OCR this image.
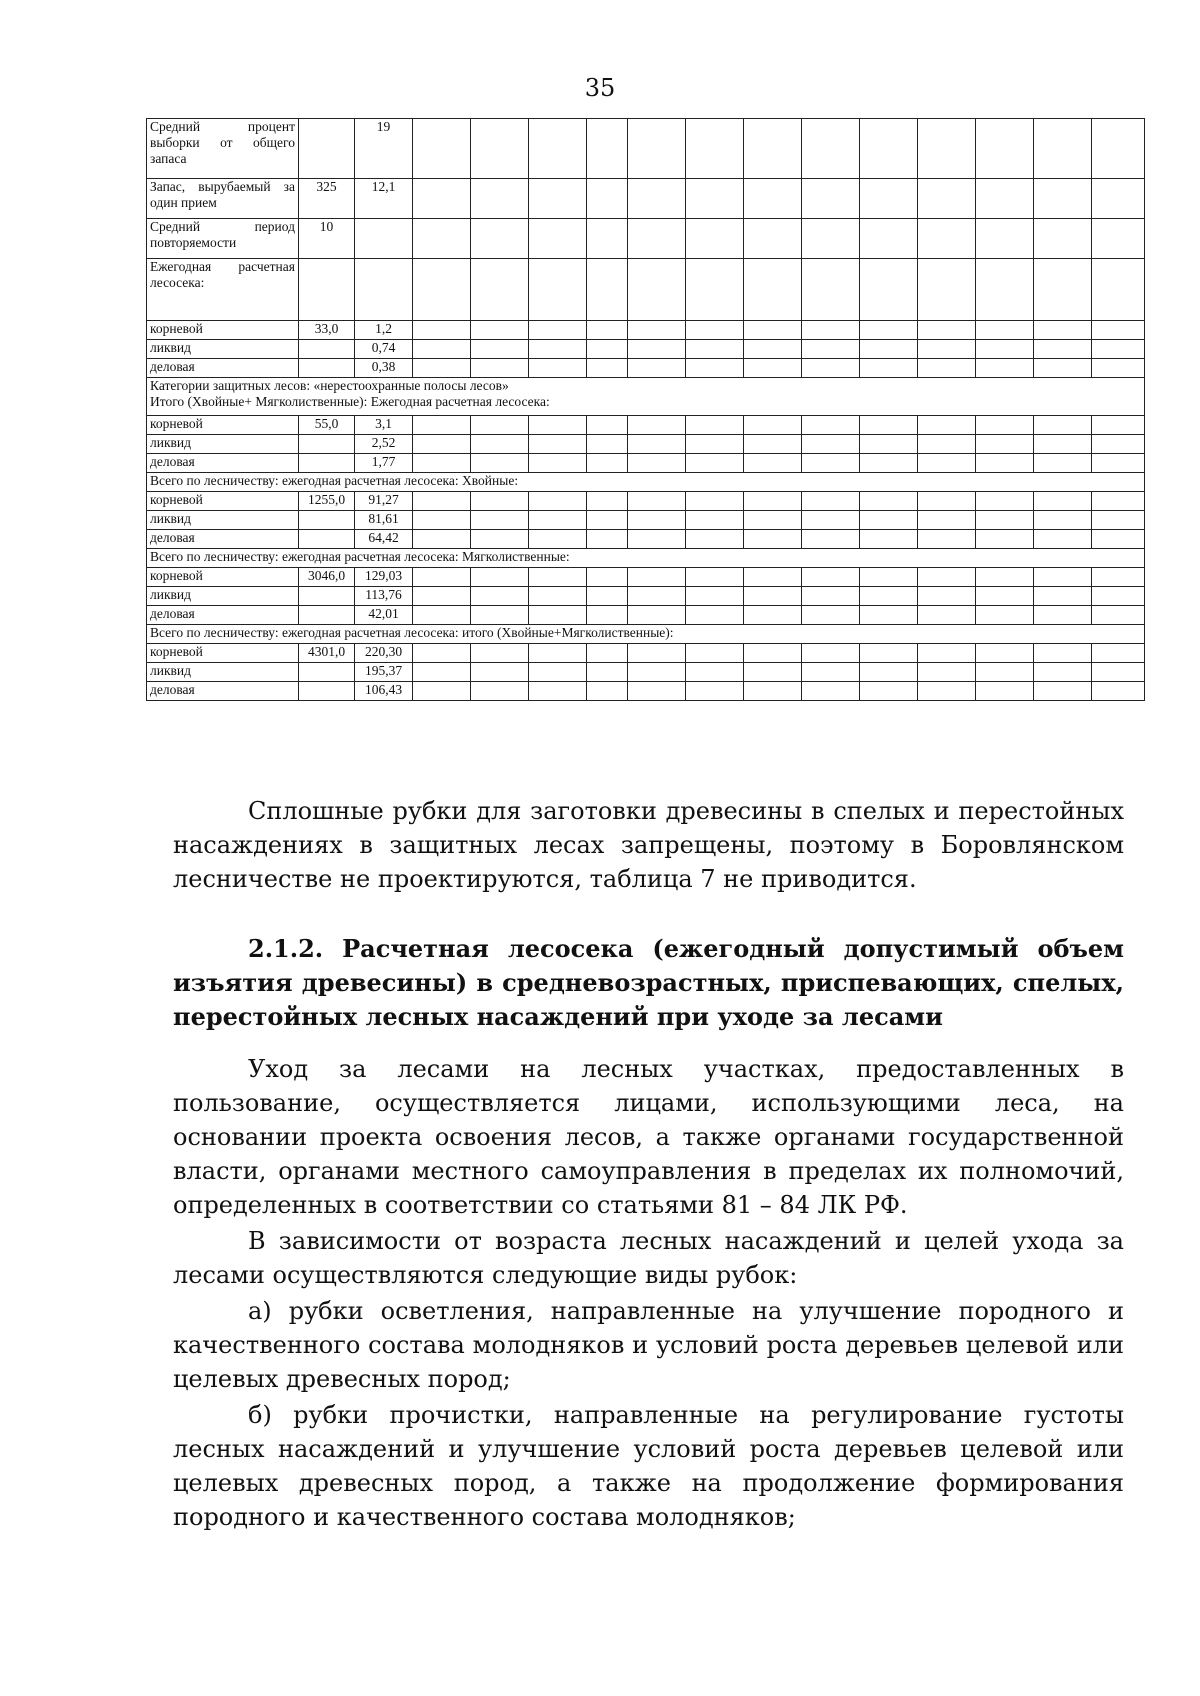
35
Средний процент выборки от общего запаса		19													
Запас, вырубаемый за один прием	325	12,1													
Средний период повторяемости	10														
Ежегодная расчетная лесосека:															
корневой	33,0	1,2													
ликвид		0,74													
деловая		0,38													

Категории защитных лесов: «нерестоохранные полосы лесов»
Итого (Хвойные+ Мягколиственные): Ежегодная расчетная лесосека:															

корневой	55,0	3,1													
ликвид		2,52													
деловая		1,77													

Всего по лесничеству: ежегодная расчетная лесосека: Хвойные:															

корневой	1255,0	91,27													
ликвид		81,61													
деловая		64,42													

Всего по лесничеству: ежегодная расчетная лесосека: Мягколиственные:															

корневой	3046,0	129,03													
ликвид		113,76													
деловая		42,01													

Всего по лесничеству: ежегодная расчетная лесосека: итого (Хвойные+Мягколиственные):															

корневой	4301,0	220,30													
ликвид		195,37													
деловая		106,43													

Сплошные рубки для заготовки древесины в спелых и перестойных насаждениях в защитных лесах запрещены, поэтому в Боровлянском лесничестве не проектируются, таблица 7 не приводится.

2.1.2. Расчетная лесосека (ежегодный допустимый объем изъятия древесины) в средневозрастных, приспевающих, спелых, перестойных лесных насаждений при уходе за лесами

Уход за лесами на лесных участках, предоставленных в пользование, осуществляется лицами, использующими леса, на основании проекта освоения лесов, а также органами государственной власти, органами местного самоуправления в пределах их полномочий, определенных в соответствии со статьями 81 – 84 ЛК РФ.

В зависимости от возраста лесных насаждений и целей ухода за лесами осуществляются следующие виды рубок:

а) рубки осветления, направленные на улучшение породного и качественного состава молодняков и условий роста деревьев целевой или целевых древесных пород;

б) рубки прочистки, направленные на регулирование густоты лесных насаждений и улучшение условий роста деревьев целевой или целевых древесных пород, а также на продолжение формирования породного и качественного состава молодняков;
